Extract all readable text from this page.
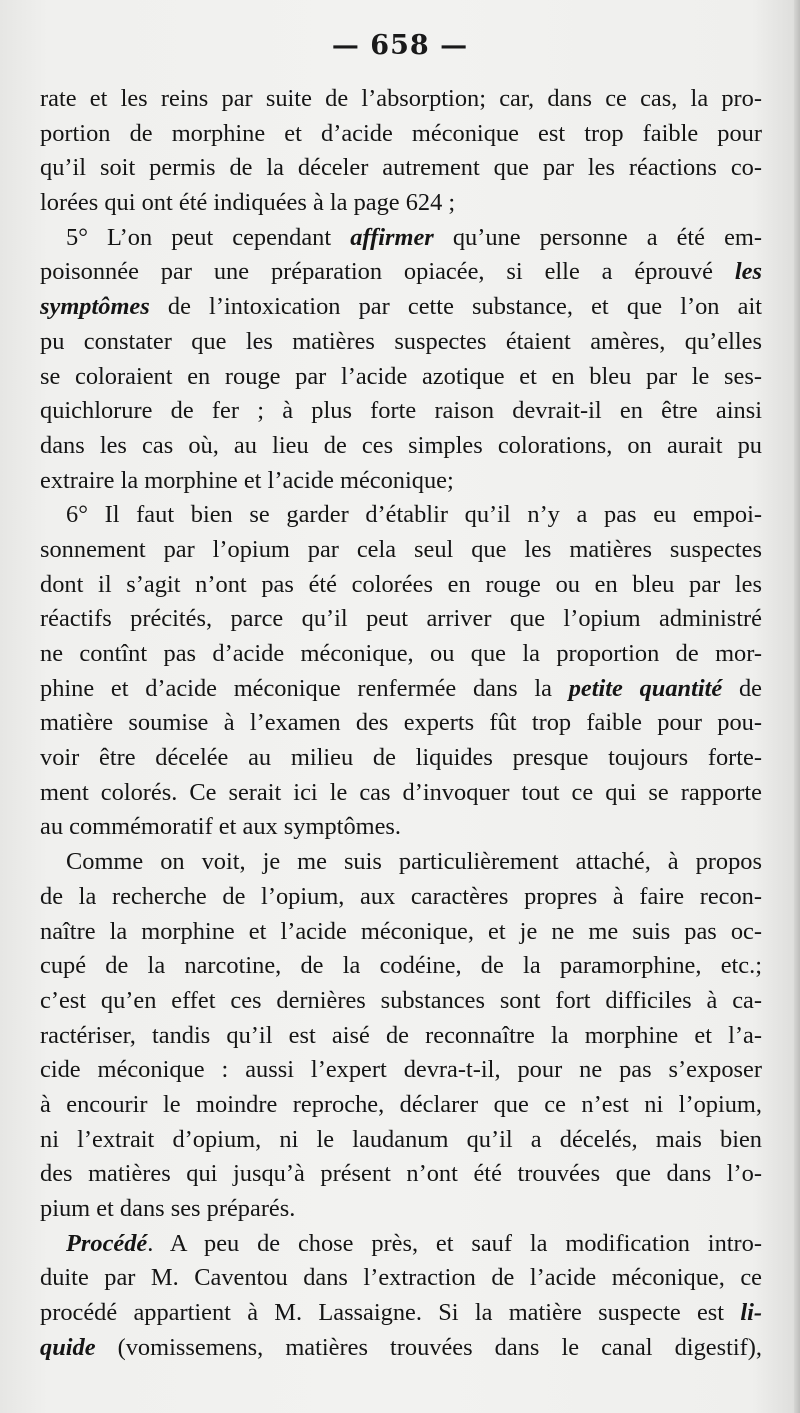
— 658 —
rate et les reins par suite de l’absorption; car, dans ce cas, la pro-
portion de morphine et d’acide méconique est trop faible pour
qu’il soit permis de la déceler autrement que par les réactions co-
lorées qui ont été indiquées à la page 624 ;
5° L’on peut cependant affirmer qu’une personne a été em-
poisonnée par une préparation opiacée, si elle a éprouvé les
symptômes de l’intoxication par cette substance, et que l’on ait
pu constater que les matières suspectes étaient amères, qu’elles
se coloraient en rouge par l’acide azotique et en bleu par le ses-
quichlorure de fer ; à plus forte raison devrait-il en être ainsi
dans les cas où, au lieu de ces simples colorations, on aurait pu
extraire la morphine et l’acide méconique;
6° Il faut bien se garder d’établir qu’il n’y a pas eu empoi-
sonnement par l’opium par cela seul que les matières suspectes
dont il s’agit n’ont pas été colorées en rouge ou en bleu par les
réactifs précités, parce qu’il peut arriver que l’opium administré
ne contînt pas d’acide méconique, ou que la proportion de mor-
phine et d’acide méconique renfermée dans la petite quantité de
matière soumise à l’examen des experts fût trop faible pour pou-
voir être décelée au milieu de liquides presque toujours forte-
ment colorés. Ce serait ici le cas d’invoquer tout ce qui se rapporte
au commémoratif et aux symptômes.
Comme on voit, je me suis particulièrement attaché, à propos
de la recherche de l’opium, aux caractères propres à faire recon-
naître la morphine et l’acide méconique, et je ne me suis pas oc-
cupé de la narcotine, de la codéine, de la paramorphine, etc.;
c’est qu’en effet ces dernières substances sont fort difficiles à ca-
ractériser, tandis qu’il est aisé de reconnaître la morphine et l’a-
cide méconique : aussi l’expert devra-t-il, pour ne pas s’exposer
à encourir le moindre reproche, déclarer que ce n’est ni l’opium,
ni l’extrait d’opium, ni le laudanum qu’il a décelés, mais bien
des matières qui jusqu’à présent n’ont été trouvées que dans l’o-
pium et dans ses préparés.
Procédé. A peu de chose près, et sauf la modification intro-
duite par M. Caventou dans l’extraction de l’acide méconique, ce
procédé appartient à M. Lassaigne. Si la matière suspecte est li-
quide (vomissemens, matières trouvées dans le canal digestif),
